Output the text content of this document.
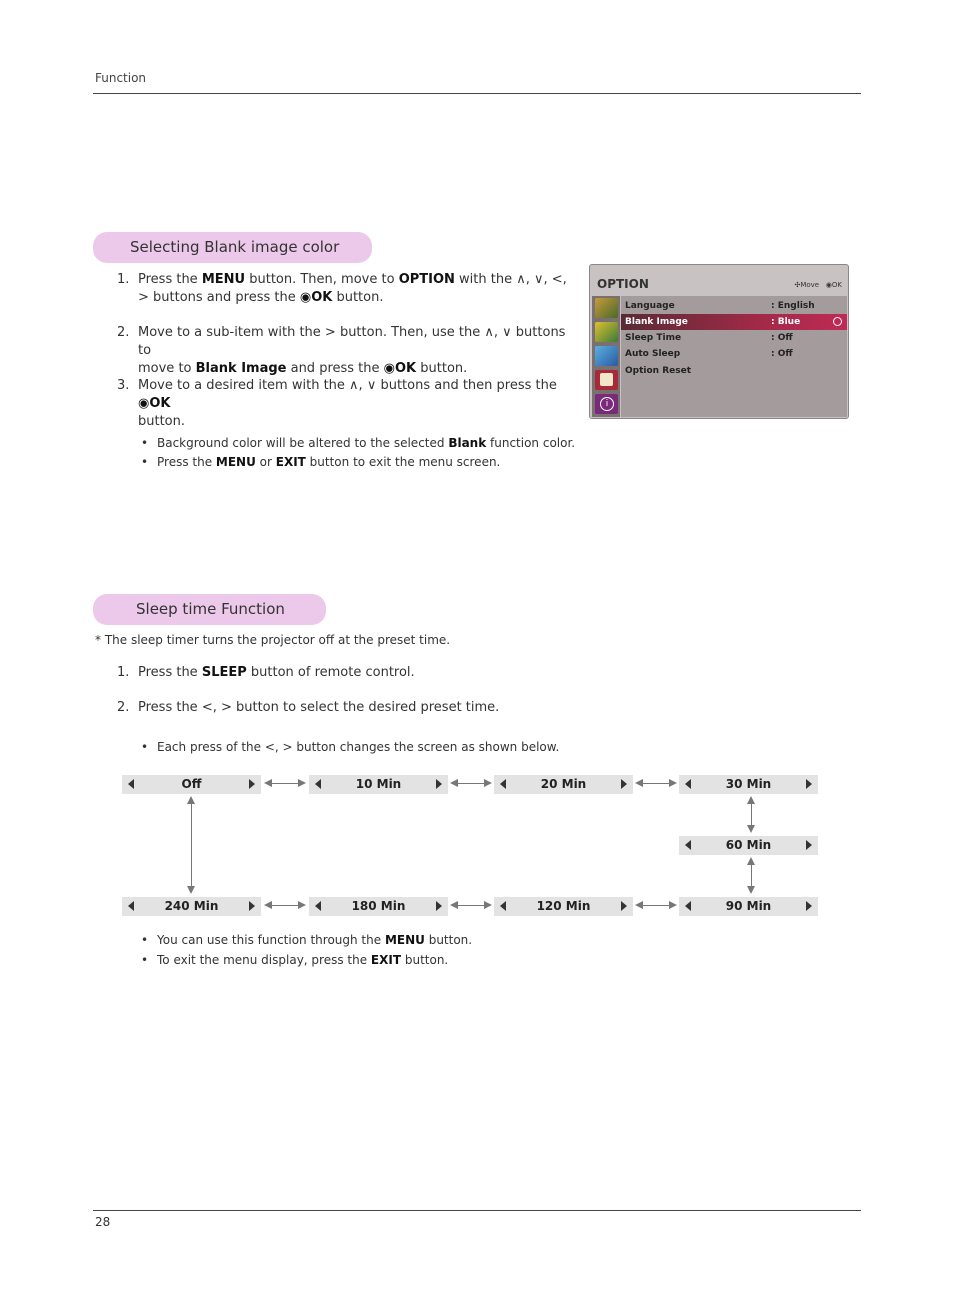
Function
Selecting Blank image color
1. Press the MENU button. Then, move to OPTION with the ∧, ∨, <,
> buttons and press the ◉OK button.
2. Move to a sub-item with the > button. Then, use the ∧, ∨ buttons to
move to Blank Image and press the ◉OK button.
3. Move to a desired item with the ∧, ∨ buttons and then press the ◉OK
button.
• Background color will be altered to the selected Blank function color.
• Press the MENU or EXIT button to exit the menu screen.
OPTION	✣Move ◉OK
i
Language	: English
Blank Image	: Blue
Sleep Time	: Off
Auto Sleep	: Off
Option Reset
Sleep time Function
* The sleep timer turns the projector off at the preset time.
1. Press the SLEEP button of remote control.
2. Press the <, > button to select the desired preset time.
• Each press of the <, > button changes the screen as shown below.
Off	10 Min	20 Min	30 Min
60 Min
240 Min	180 Min	120 Min	90 Min
• You can use this function through the MENU button.
• To exit the menu display, press the EXIT button.
28
